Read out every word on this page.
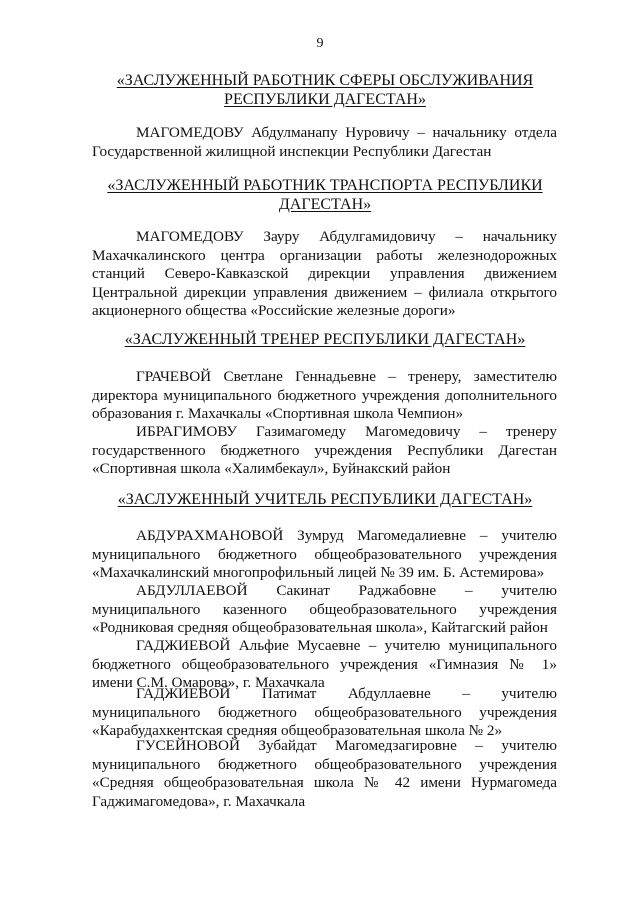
9
«ЗАСЛУЖЕННЫЙ РАБОТНИК СФЕРЫ ОБСЛУЖИВАНИЯ РЕСПУБЛИКИ ДАГЕСТАН»
МАГОМЕДОВУ Абдулманапу Нуровичу – начальнику отдела Государственной жилищной инспекции Республики Дагестан
«ЗАСЛУЖЕННЫЙ РАБОТНИК ТРАНСПОРТА РЕСПУБЛИКИ ДАГЕСТАН»
МАГОМЕДОВУ Зауру Абдулгамидовичу – начальнику Махачкалинского центра организации работы железнодорожных станций Северо-Кавказской дирекции управления движением Центральной дирекции управления движением – филиала открытого акционерного общества «Российские железные дороги»
«ЗАСЛУЖЕННЫЙ ТРЕНЕР РЕСПУБЛИКИ ДАГЕСТАН»
ГРАЧЕВОЙ Светлане Геннадьевне – тренеру, заместителю директора муниципального бюджетного учреждения дополнительного образования г. Махачкалы «Спортивная школа Чемпион»
ИБРАГИМОВУ Газимагомеду Магомедовичу – тренеру государственного бюджетного учреждения Республики Дагестан «Спортивная школа «Халимбекаул», Буйнакский район
«ЗАСЛУЖЕННЫЙ УЧИТЕЛЬ РЕСПУБЛИКИ ДАГЕСТАН»
АБДУРАХМАНОВОЙ Зумруд Магомедалиевне – учителю муниципального бюджетного общеобразовательного учреждения «Махачкалинский многопрофильный лицей № 39 им. Б. Астемирова»
АБДУЛЛАЕВОЙ Сакинат Раджабовне – учителю муниципального казенного общеобразовательного учреждения «Родниковая средняя общеобразовательная школа», Кайтагский район
ГАДЖИЕВОЙ Альфие Мусаевне – учителю муниципального бюджетного общеобразовательного учреждения «Гимназия № 1» имени С.М. Омарова», г. Махачкала
ГАДЖИЕВОЙ Патимат Абдуллаевне – учителю муниципального бюджетного общеобразовательного учреждения «Карабудахкентская средняя общеобразовательная школа № 2»
ГУСЕЙНОВОЙ Зубайдат Магомедзагировне – учителю муниципального бюджетного общеобразовательного учреждения «Средняя общеобразовательная школа № 42 имени Нурмагомеда Гаджимагомедова», г. Махачкала
